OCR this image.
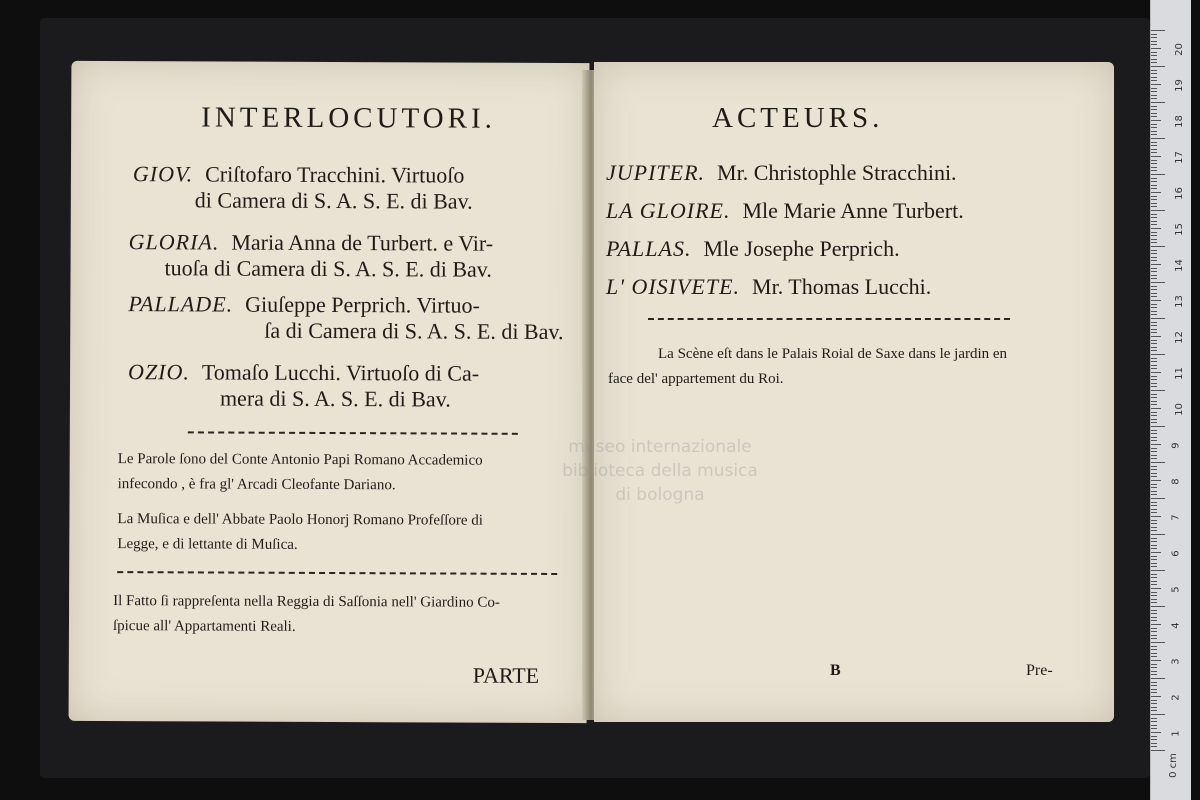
20
19
18
17
16
15
14
13
12
11
10
9
8
7
6
5
4
3
2
1
0 cm
INTERLOCUTORI.
GIOV. Criſtofaro Tracchini. Virtuoſo
di Camera di S. A. S. E. di Bav.
GLORIA. Maria Anna de Turbert. e Vir-
tuoſa di Camera di S. A. S. E. di Bav.
PALLADE. Giuſeppe Perprich. Virtuo-
ſa di Camera di S. A. S. E. di Bav.
OZIO. Tomaſo Lucchi. Virtuoſo di Ca-
mera di S. A. S. E. di Bav.

Le Parole ſono del Conte Antonio Papi Romano Accademico
infecondo , è fra gl' Arcadi Cleofante Dariano.

La Muſica e dell' Abbate Paolo Honorj Romano Profeſſore di
Legge, e di lettante di Muſica.

Il Fatto ſi rappreſenta nella Reggia di Saſſonia nell' Giardino Co-
ſpicue all' Appartamenti Reali.

PARTE

ACTEURS.
JUPITER. Mr. Christophle Stracchini.
LA GLOIRE. Mle Marie Anne Turbert.
PALLAS. Mle Josephe Perprich.
L' OISIVETE. Mr. Thomas Lucchi.

La Scène eſt dans le Palais Roial de Saxe dans le jardin en
face del' appartement du Roi.

B	Pre-

museo internazionale
biblioteca della musica
di bologna
